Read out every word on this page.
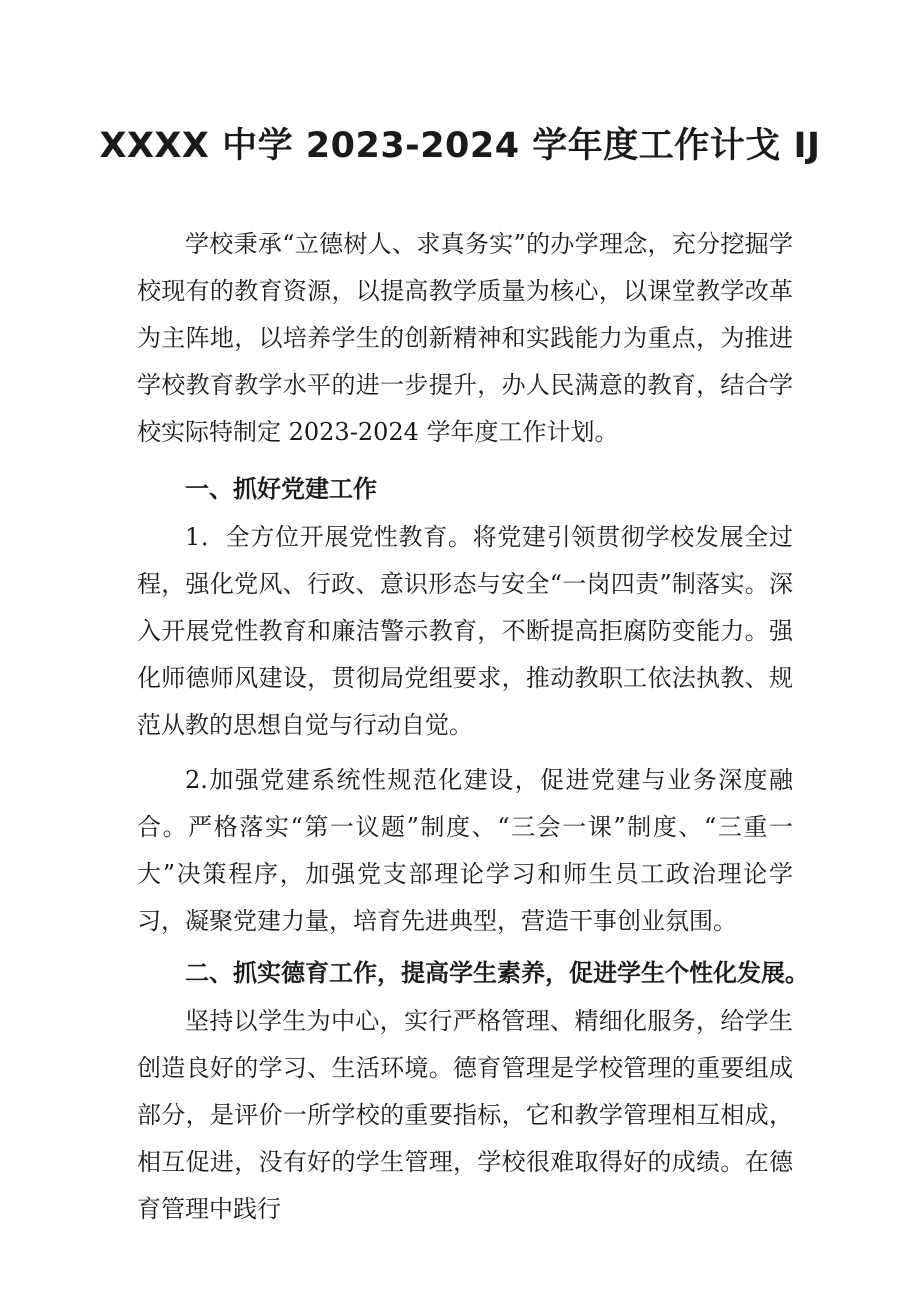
XXXX 中学 2023-2024 学年度工作计戈 IJ

学校秉承“立德树人、求真务实”的办学理念，充分挖掘学校现有的教育资源，以提高教学质量为核心，以课堂教学改革为主阵地，以培养学生的创新精神和实践能力为重点，为推进学校教育教学水平的进一步提升，办人民满意的教育，结合学校实际特制定 2023-2024 学年度工作计划。

一、抓好党建工作

1．全方位开展党性教育。将党建引领贯彻学校发展全过程，强化党风、行政、意识形态与安全“一岗四责”制落实。深入开展党性教育和廉洁警示教育，不断提高拒腐防变能力。强化师德师风建设，贯彻局党组要求，推动教职工依法执教、规范从教的思想自觉与行动自觉。

2.加强党建系统性规范化建设，促进党建与业务深度融合。严格落实“第一议题”制度、“三会一课”制度、“三重一大”决策程序，加强党支部理论学习和师生员工政治理论学习，凝聚党建力量，培育先进典型，营造干事创业氛围。

二、抓实德育工作，提高学生素养，促进学生个性化发展。

坚持以学生为中心，实行严格管理、精细化服务，给学生创造良好的学习、生活环境。德育管理是学校管理的重要组成部分，是评价一所学校的重要指标，它和教学管理相互相成，相互促进，没有好的学生管理，学校很难取得好的成绩。在德育管理中践行
